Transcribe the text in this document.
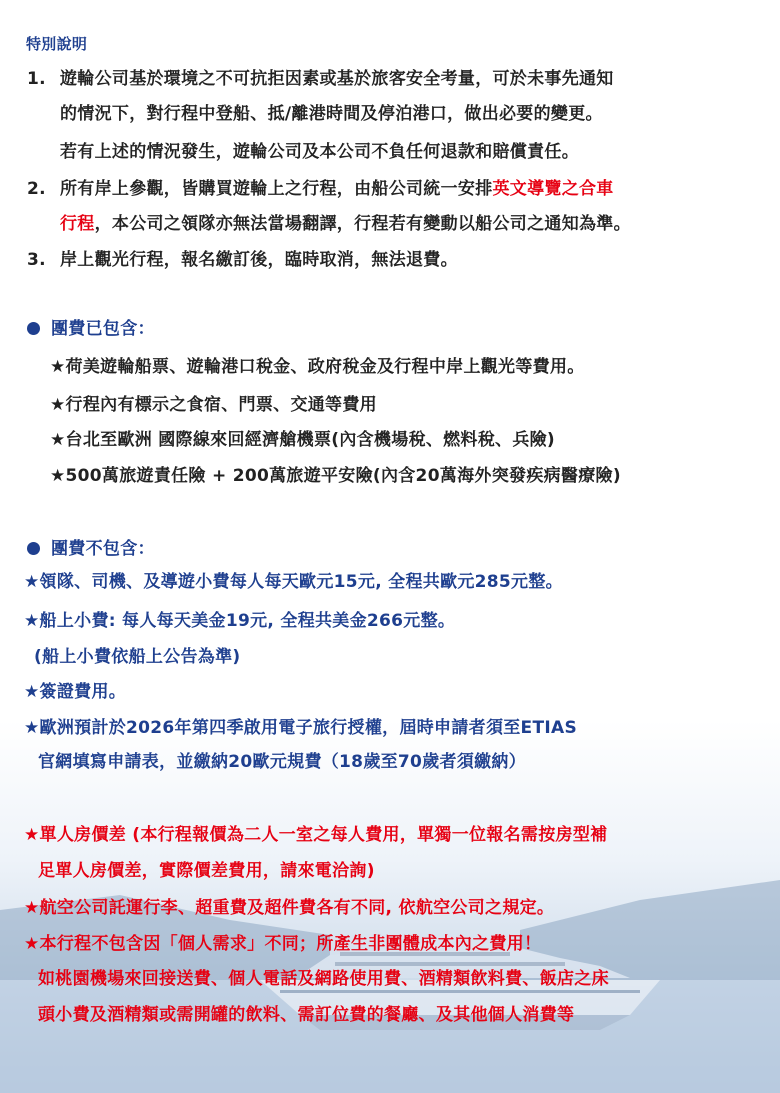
特別說明
1. 遊輪公司基於環境之不可抗拒因素或基於旅客安全考量，可於未事先通知
的情況下，對行程中登船、抵/離港時間及停泊港口，做出必要的變更。
若有上述的情況發生，遊輪公司及本公司不負任何退款和賠償責任。
2. 所有岸上參觀，皆購買遊輪上之行程，由船公司統一安排英文導覽之合車
行程，本公司之領隊亦無法當場翻譯，行程若有變動以船公司之通知為準。
3. 岸上觀光行程，報名繳訂後，臨時取消，無法退費。
團費已包含：
★荷美遊輪船票、遊輪港口稅金、政府稅金及行程中岸上觀光等費用。
★行程內有標示之食宿、門票、交通等費用
★台北至歐洲 國際線來回經濟艙機票(內含機場稅、燃料稅、兵險)
★500萬旅遊責任險 + 200萬旅遊平安險(內含20萬海外突發疾病醫療險)
團費不包含：
★領隊、司機、及導遊小費每人每天歐元15元, 全程共歐元285元整。
★船上小費: 每人每天美金19元, 全程共美金266元整。
(船上小費依船上公告為準)
★簽證費用。
★歐洲預計於2026年第四季啟用電子旅行授權，屆時申請者須至ETIAS
官網填寫申請表，並繳納20歐元規費（18歲至70歲者須繳納）
★單人房價差 (本行程報價為二人一室之每人費用，單獨一位報名需按房型補
足單人房價差，實際價差費用，請來電洽詢)
★航空公司託運行李、超重費及超件費各有不同, 依航空公司之規定。
★本行程不包含因「個人需求」不同；所產生非團體成本內之費用！
如桃園機場來回接送費、個人電話及網路使用費、酒精類飲料費、飯店之床
頭小費及酒精類或需開罐的飲料、需訂位費的餐廳、及其他個人消費等
